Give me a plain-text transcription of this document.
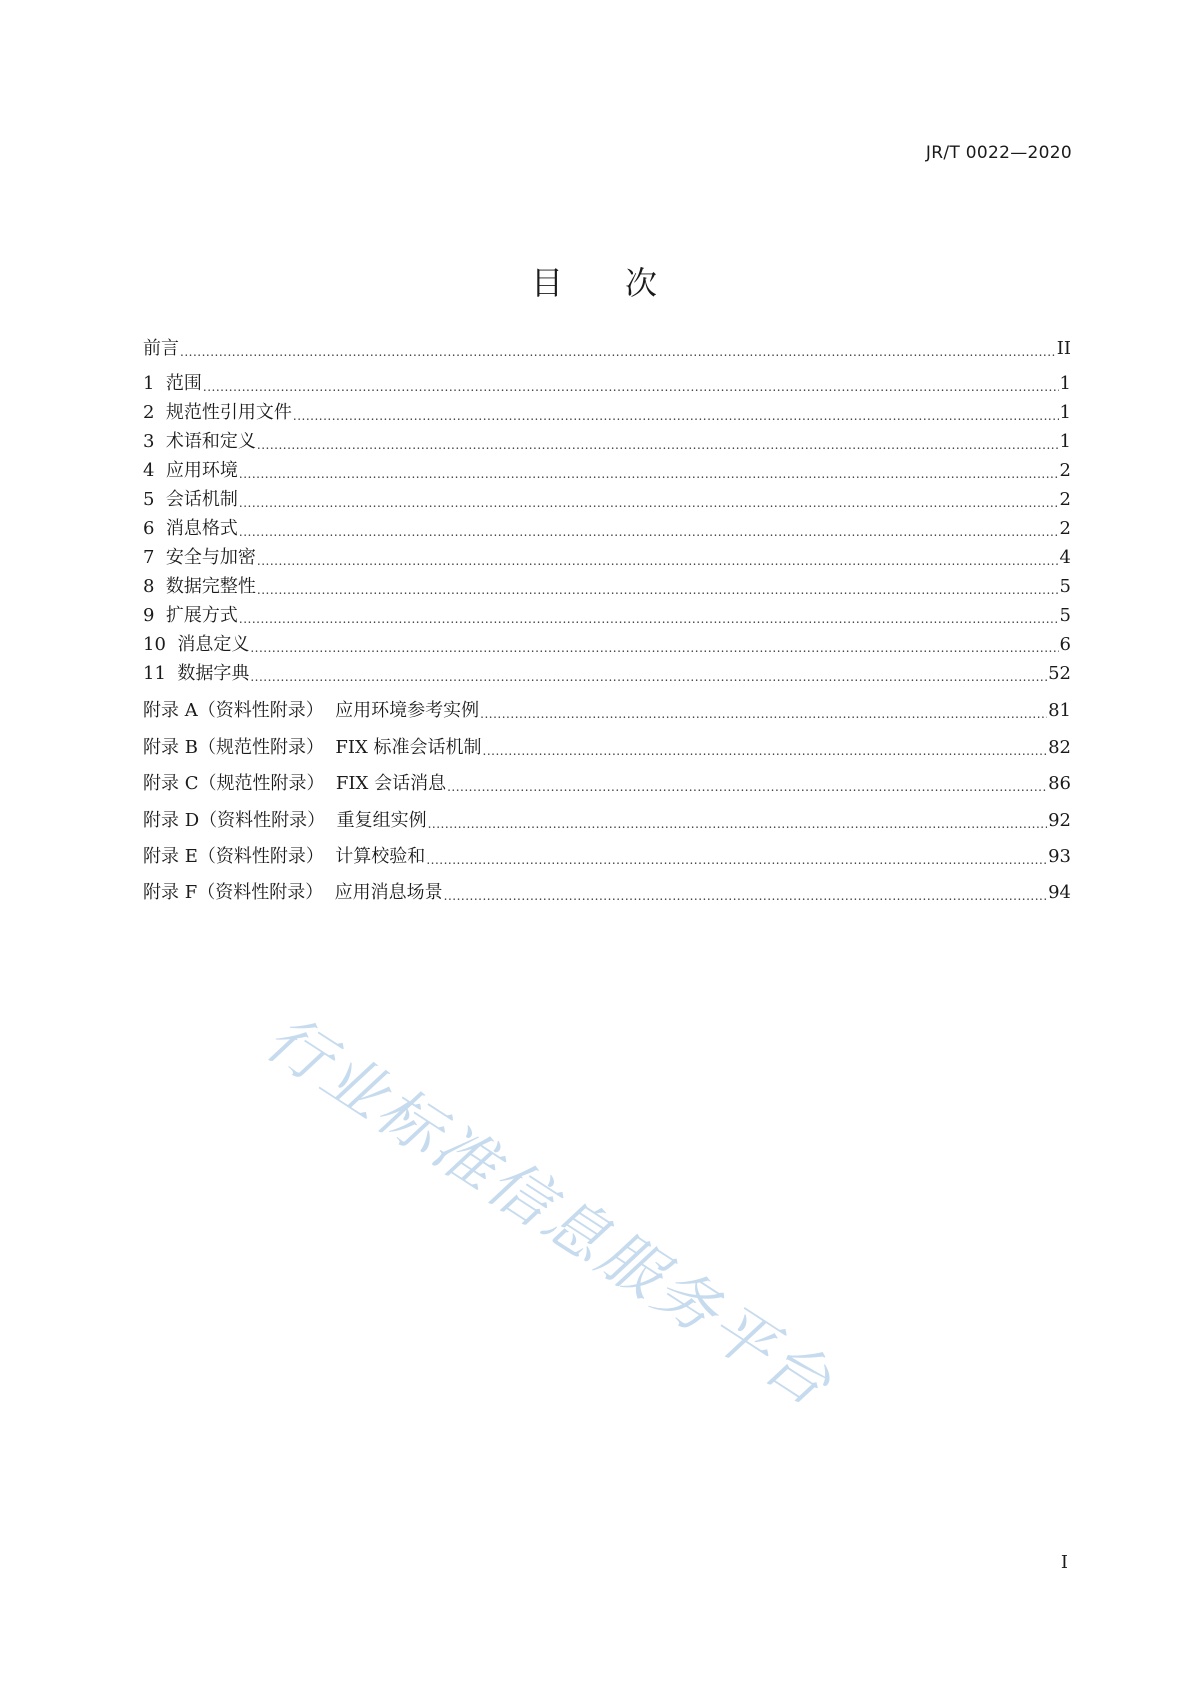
JR/T 0022—2020
目 次
前言 .....	II
1  范围 .....	1
2  规范性引用文件 .....	1
3  术语和定义 .....	1
4  应用环境 .....	2
5  会话机制 .....	2
6  消息格式 .....	2
7  安全与加密 .....	4
8  数据完整性 .....	5
9  扩展方式 .....	5
10  消息定义 .....	6
11  数据字典 .....	52
附录 A（资料性附录）  应用环境参考实例 .....	81
附录 B（规范性附录）  FIX 标准会话机制 .....	82
附录 C（规范性附录）  FIX 会话消息 .....	86
附录 D（资料性附录）  重复组实例 .....	92
附录 E（资料性附录）  计算校验和 .....	93
附录 F（资料性附录）  应用消息场景 .....	94
行业标准信息服务平台
I
